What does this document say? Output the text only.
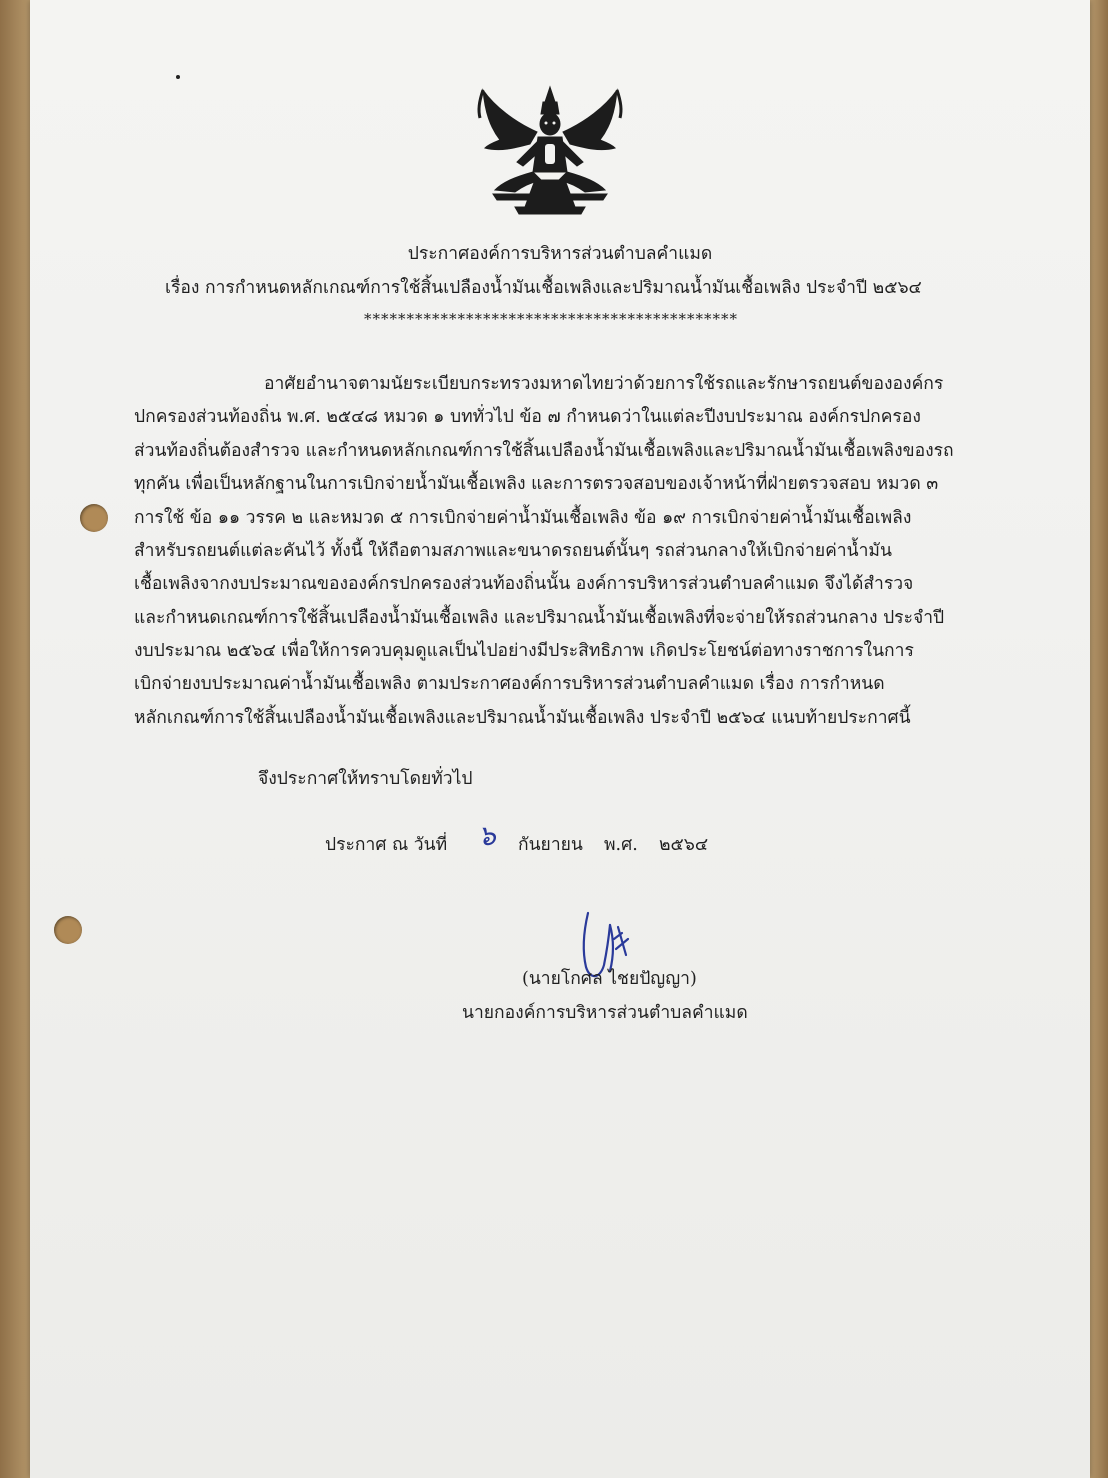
ประกาศองค์การบริหารส่วนตำบลคำแมด
เรื่อง การกำหนดหลักเกณฑ์การใช้สิ้นเปลืองน้ำมันเชื้อเพลิงและปริมาณน้ำมันเชื้อเพลิง ประจำปี ๒๕๖๔
********************************************
อาศัยอำนาจตามนัยระเบียบกระทรวงมหาดไทยว่าด้วยการใช้รถและรักษารถยนต์ขององค์กร
ปกครองส่วนท้องถิ่น พ.ศ. ๒๕๔๘ หมวด ๑ บททั่วไป ข้อ ๗ กำหนดว่าในแต่ละปีงบประมาณ องค์กรปกครอง
ส่วนท้องถิ่นต้องสำรวจ และกำหนดหลักเกณฑ์การใช้สิ้นเปลืองน้ำมันเชื้อเพลิงและปริมาณน้ำมันเชื้อเพลิงของรถ
ทุกคัน เพื่อเป็นหลักฐานในการเบิกจ่ายน้ำมันเชื้อเพลิง และการตรวจสอบของเจ้าหน้าที่ฝ่ายตรวจสอบ หมวด ๓
การใช้ ข้อ ๑๑ วรรค ๒ และหมวด ๕ การเบิกจ่ายค่าน้ำมันเชื้อเพลิง ข้อ ๑๙ การเบิกจ่ายค่าน้ำมันเชื้อเพลิง
สำหรับรถยนต์แต่ละคันไว้ ทั้งนี้ ให้ถือตามสภาพและขนาดรถยนต์นั้นๆ รถส่วนกลางให้เบิกจ่ายค่าน้ำมัน
เชื้อเพลิงจากงบประมาณขององค์กรปกครองส่วนท้องถิ่นนั้น องค์การบริหารส่วนตำบลคำแมด จึงได้สำรวจ
และกำหนดเกณฑ์การใช้สิ้นเปลืองน้ำมันเชื้อเพลิง และปริมาณน้ำมันเชื้อเพลิงที่จะจ่ายให้รถส่วนกลาง ประจำปี
งบประมาณ ๒๕๖๔ เพื่อให้การควบคุมดูแลเป็นไปอย่างมีประสิทธิภาพ เกิดประโยชน์ต่อทางราชการในการ
เบิกจ่ายงบประมาณค่าน้ำมันเชื้อเพลิง ตามประกาศองค์การบริหารส่วนตำบลคำแมด เรื่อง การกำหนด
หลักเกณฑ์การใช้สิ้นเปลืองน้ำมันเชื้อเพลิงและปริมาณน้ำมันเชื้อเพลิง ประจำปี ๒๕๖๔ แนบท้ายประกาศนี้
จึงประกาศให้ทราบโดยทั่วไป
ประกาศ ณ วันที่ ๖ กันยายน พ.ศ. ๒๕๖๔
(นายโกศล ไชยปัญญา)
นายกองค์การบริหารส่วนตำบลคำแมด
